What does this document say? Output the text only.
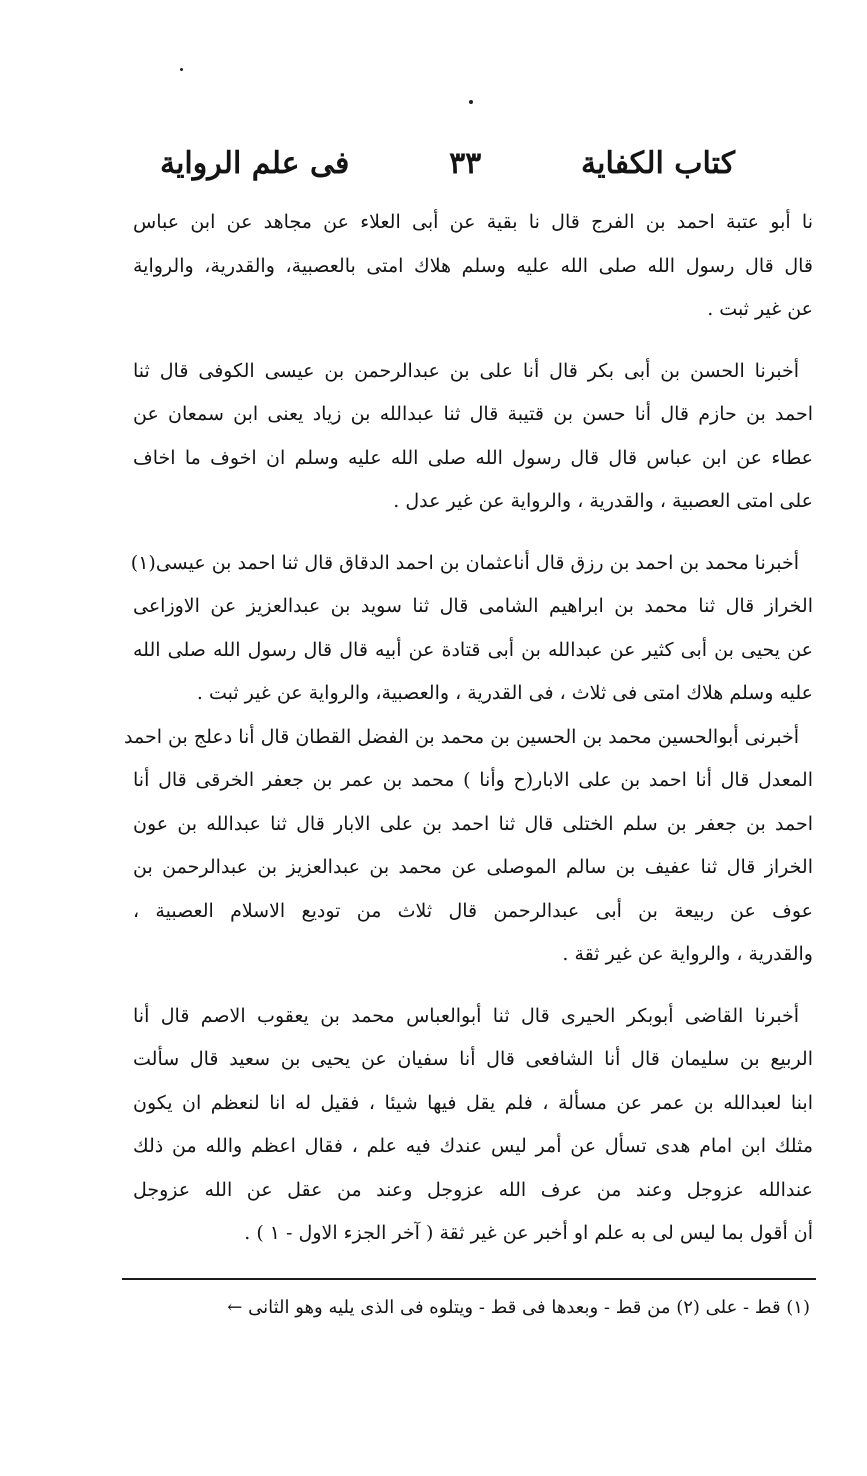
كتاب الكفاية
٣٣
فى علم الرواية
نا أبو عتبة احمد بن الفرج قال نا بقية عن أبى العلاء عن مجاهد عن ابن عباس
قال قال رسول الله صلى الله عليه وسلم هلاك امتى بالعصبية، والقدرية، والرواية
عن غير ثبت .
أخبرنا الحسن بن أبى بكر قال أنا على بن عبدالرحمن بن عيسى الكوفى قال ثنا
احمد بن حازم قال أنا حسن بن قتيبة قال ثنا عبدالله بن زياد يعنى ابن سمعان عن
عطاء عن ابن عباس قال قال رسول الله صلى الله عليه وسلم ان اخوف ما اخاف
على امتى العصبية ، والقدرية ، والرواية عن غير عدل .
أخبرنا محمد بن احمد بن رزق قال أناعثمان بن احمد الدقاق قال ثنا احمد بن عيسى(١)
الخراز قال ثنا محمد بن ابراهيم الشامى قال ثنا سويد بن عبدالعزيز عن الاوزاعى
عن يحيى بن أبى كثير عن عبدالله بن أبى قتادة عن أبيه قال قال رسول الله صلى الله
عليه وسلم هلاك امتى فى ثلاث ، فى القدرية ، والعصبية، والرواية عن غير ثبت .
أخبرنى أبوالحسين محمد بن الحسين بن محمد بن الفضل القطان قال أنا دعلج بن احمد
المعدل قال أنا احمد بن على الابار(ح وأنا ) محمد بن عمر بن جعفر الخرقى قال أنا
احمد بن جعفر بن سلم الختلى قال ثنا احمد بن على الابار قال ثنا عبدالله بن عون
الخراز قال ثنا عفيف بن سالم الموصلى عن محمد بن عبدالعزيز بن عبدالرحمن بن
عوف عن ربيعة بن أبى عبدالرحمن قال ثلاث من توديع الاسلام العصبية ،
والقدرية ، والرواية عن غير ثقة .
أخبرنا القاضى أبوبكر الحيرى قال ثنا أبوالعباس محمد بن يعقوب الاصم قال أنا
الربيع بن سليمان قال أنا الشافعى قال أنا سفيان عن يحيى بن سعيد قال سألت
ابنا لعبدالله بن عمر عن مسألة ، فلم يقل فيها شيئا ، فقيل له انا لنعظم ان يكون
مثلك ابن امام هدى تسأل عن أمر ليس عندك فيه علم ، فقال اعظم والله من ذلك
عندالله عزوجل وعند من عرف الله عزوجل وعند من عقل عن الله عزوجل
أن أقول بما ليس لى به علم او أخبر عن غير ثقة ( آخر الجزء الاول - ١ ) .
(١) قط - على (٢) من قط - وبعدها فى قط - ويتلوه فى الذى يليه وهو الثانى ←
